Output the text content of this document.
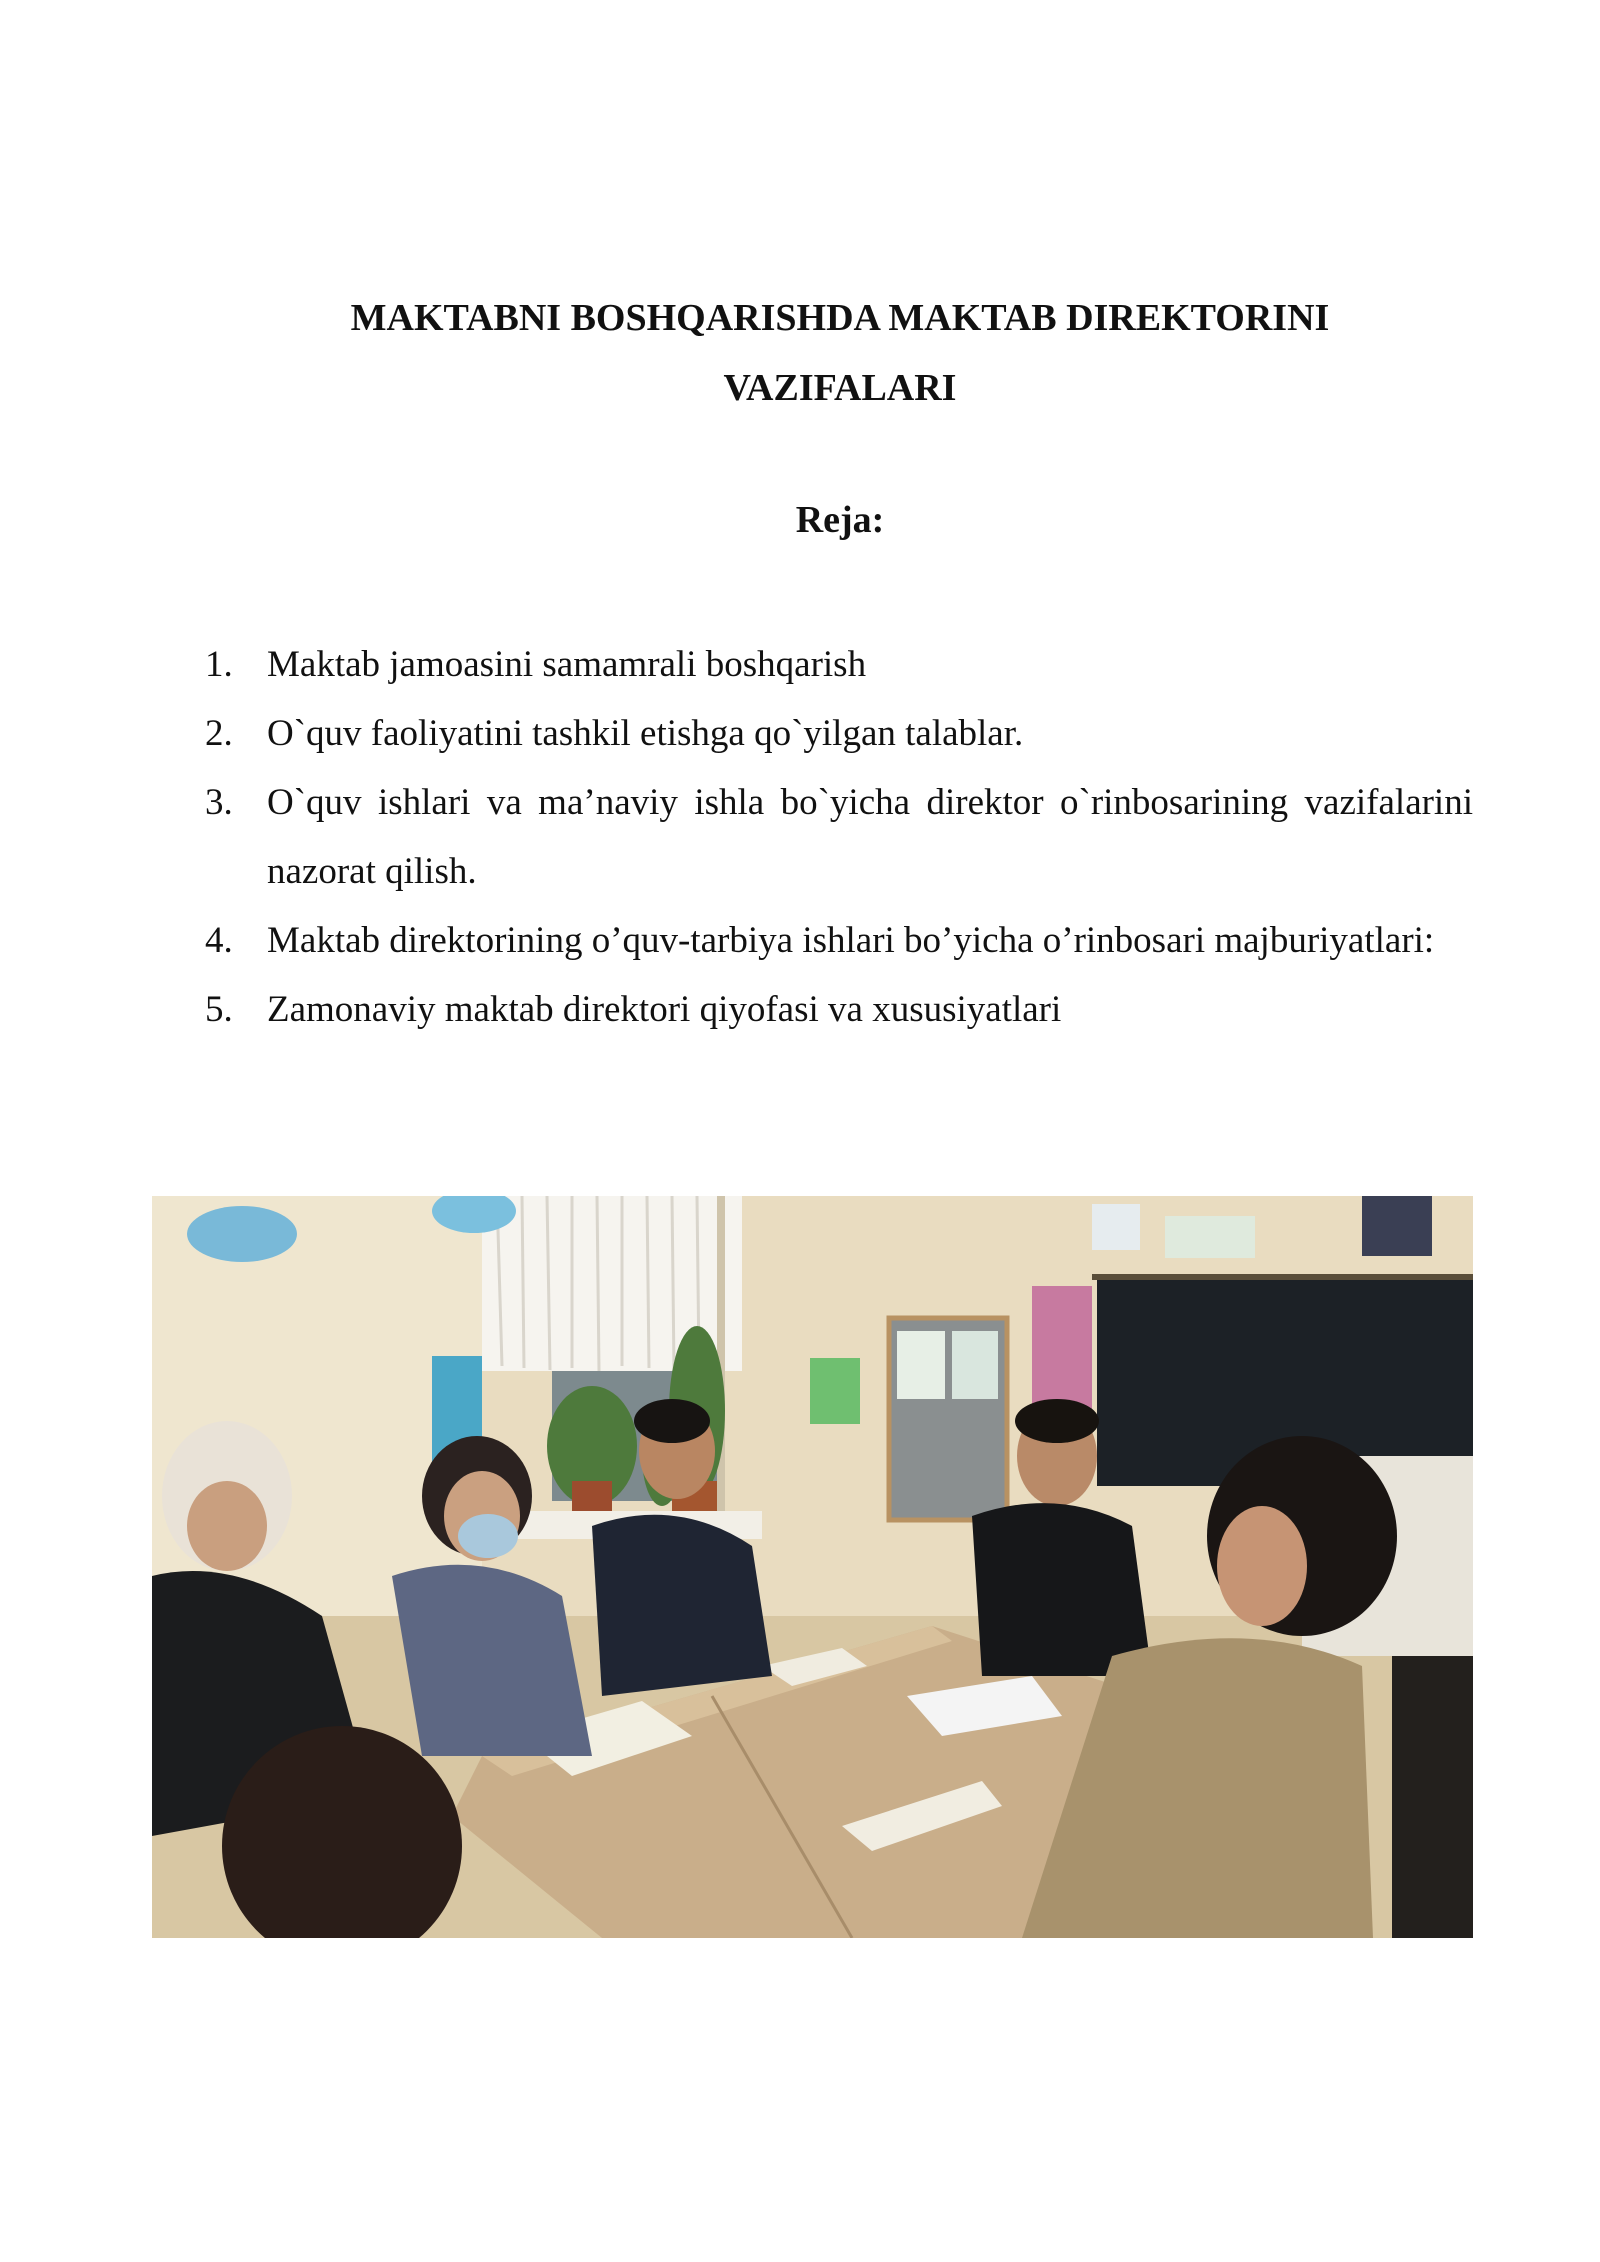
MAKTABNI BOSHQARISHDA MAKTAB DIREKTORINI
VAZIFALARI
Reja:
1. Maktab jamoasini samamrali boshqarish
2. O`quv faoliyatini tashkil etishga qo`yilgan talablar.
3. O`quv ishlari va ma’naviy ishla bo`yicha direktor o`rinbosarining vazifalarini nazorat qilish.
4. Maktab direktorining o’quv-tarbiya ishlari bo’yicha o’rinbosari majburiyatlari:
5. Zamonaviy maktab direktori qiyofasi va xususiyatlari
